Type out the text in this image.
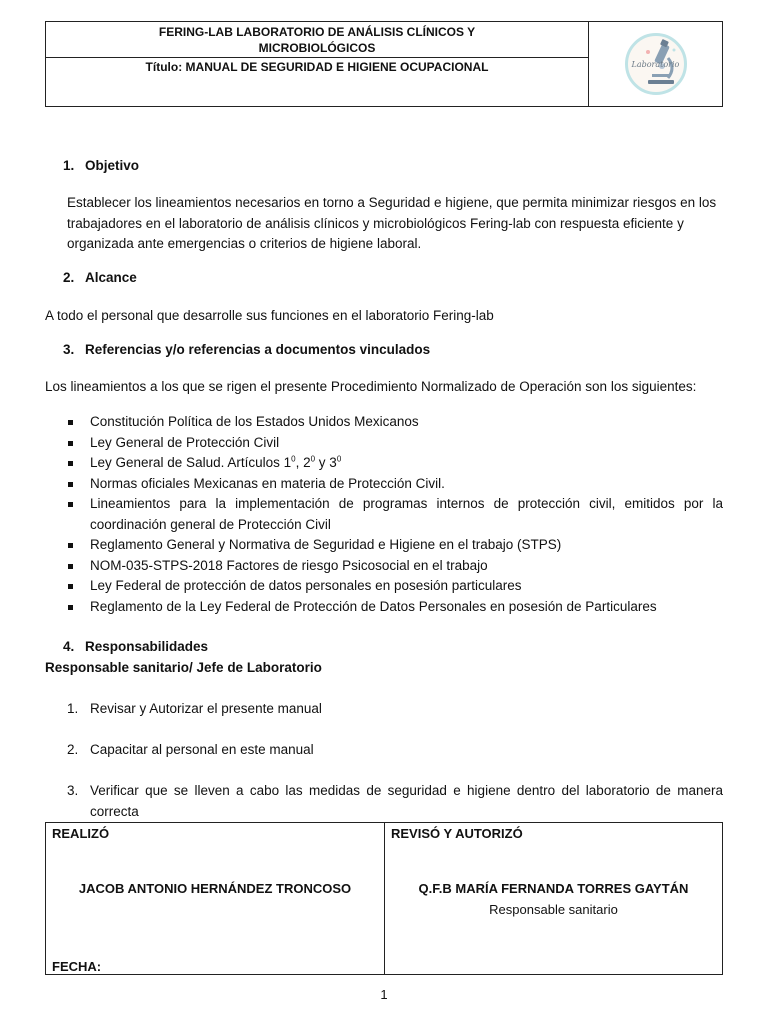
FERING-LAB LABORATORIO DE ANÁLISIS CLÍNICOS Y
MICROBIOLÓGICOS
Título: MANUAL DE SEGURIDAD E HIGIENE OCUPACIONAL	Laboratorio
1. Objetivo
Establecer los lineamientos necesarios en torno a Seguridad e higiene, que permita minimizar riesgos en los trabajadores en el laboratorio de análisis clínicos y microbiológicos Fering-lab con respuesta eficiente y organizada ante emergencias o criterios de higiene laboral.
2. Alcance
A todo el personal que desarrolle sus funciones en el laboratorio Fering-lab
3. Referencias y/o referencias a documentos vinculados
Los lineamientos a los que se rigen el presente Procedimiento Normalizado de Operación son los siguientes:
Constitución Política de los Estados Unidos Mexicanos
Ley General de Protección Civil
Ley General de Salud. Artículos $1^0$, $2^0$ y $3^0$
Normas oficiales Mexicanas en materia de Protección Civil.
Lineamientos para la implementación de programas internos de protección civil, emitidos por la coordinación general de Protección Civil
Reglamento General y Normativa de Seguridad e Higiene en el trabajo (STPS)
NOM-035-STPS-2018 Factores de riesgo Psicosocial en el trabajo
Ley Federal de protección de datos personales en posesión particulares
Reglamento de la Ley Federal de Protección de Datos Personales en posesión de Particulares
4. Responsabilidades
Responsable sanitario/ Jefe de Laboratorio
1. Revisar y Autorizar el presente manual
2. Capacitar al personal en este manual
3. Verificar que se lleven a cabo las medidas de seguridad e higiene dentro del laboratorio de manera correcta
REALIZÓ
JACOB ANTONIO HERNÁNDEZ TRONCOSO
FECHA:
REVISÓ Y AUTORIZÓ
Q.F.B MARÍA FERNANDA TORRES GAYTÁN
Responsable sanitario
1
